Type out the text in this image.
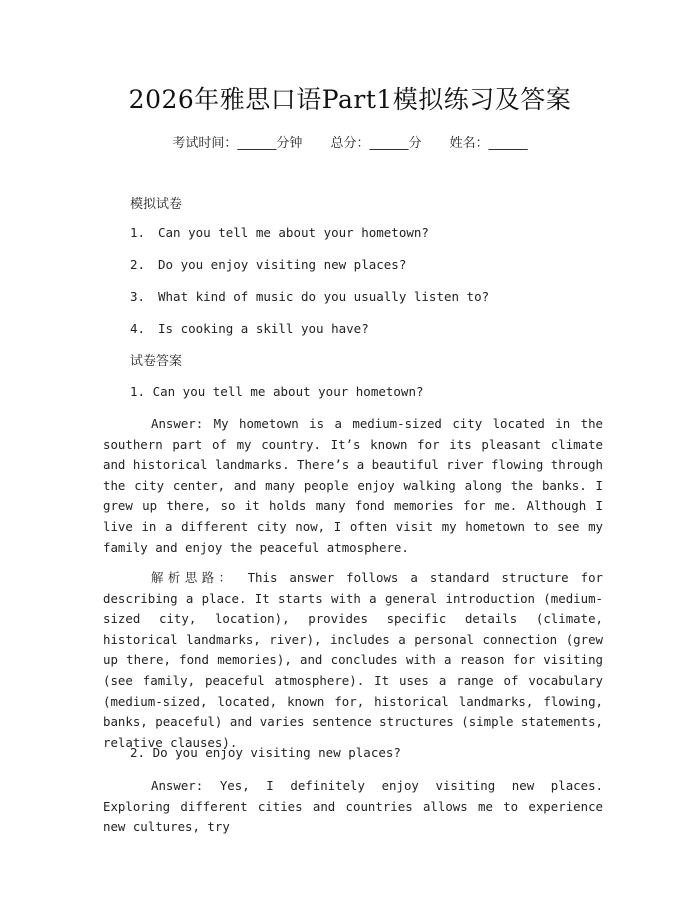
2026年雅思口语Part1模拟练习及答案
考试时间：______分钟 总分：______分 姓名：______
模拟试卷
1. Can you tell me about your hometown?
2. Do you enjoy visiting new places?
3. What kind of music do you usually listen to?
4. Is cooking a skill you have?
试卷答案
1. Can you tell me about your hometown?
Answer: My hometown is a medium-sized city located in the southern part of my country. It’s known for its pleasant climate and historical landmarks. There’s a beautiful river flowing through the city center, and many people enjoy walking along the banks. I grew up there, so it holds many fond memories for me. Although I live in a different city now, I often visit my hometown to see my family and enjoy the peaceful atmosphere.
解析思路： This answer follows a standard structure for describing a place. It starts with a general introduction (medium-sized city, location), provides specific details (climate, historical landmarks, river), includes a personal connection (grew up there, fond memories), and concludes with a reason for visiting (see family, peaceful atmosphere). It uses a range of vocabulary (medium-sized, located, known for, historical landmarks, flowing, banks, peaceful) and varies sentence structures (simple statements, relative clauses).
2. Do you enjoy visiting new places?
Answer: Yes, I definitely enjoy visiting new places. Exploring different cities and countries allows me to experience new cultures, try
